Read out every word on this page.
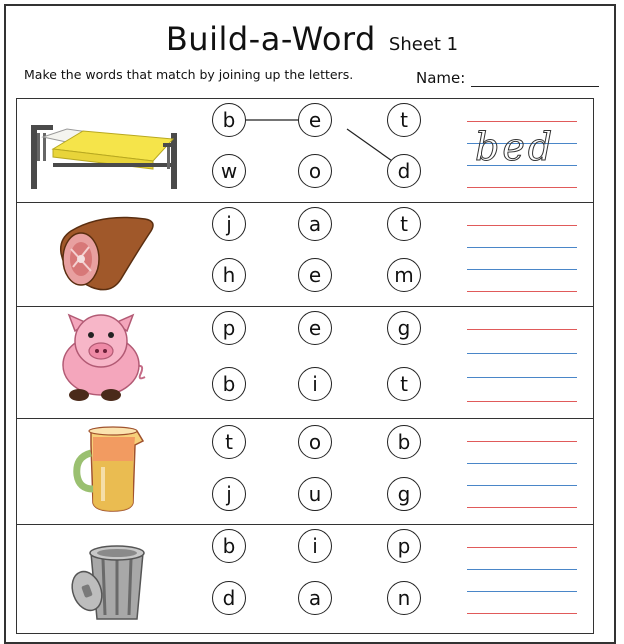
Build-a-Word Sheet 1
Make the words that match by joining up the letters.	Name:
b	e	t
w	o	d
bed
j	a	t
h	e	m
p	e	g
b	i	t
t	o	b
j	u	g
b	i	p
d	a	n
